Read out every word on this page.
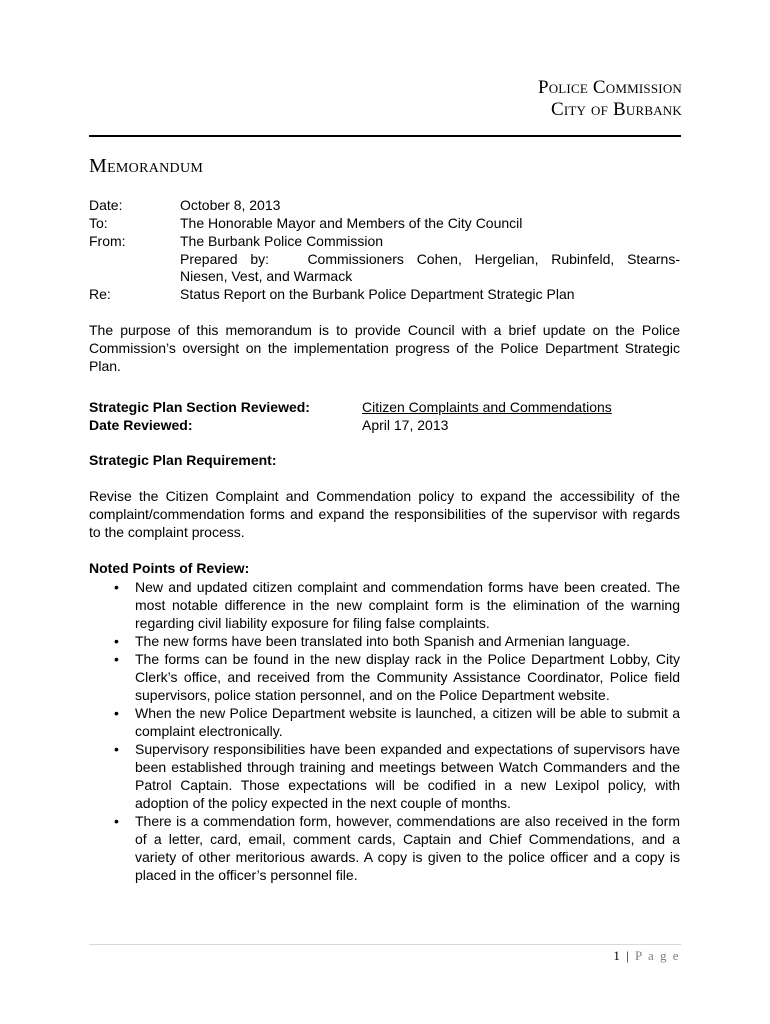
Police Commission
City of Burbank
Memorandum
Date:	October 8, 2013
To:	The Honorable Mayor and Members of the City Council
From:	The Burbank Police Commission
Prepared by:   Commissioners Cohen, Hergelian, Rubinfeld, Stearns-
Niesen, Vest, and Warmack
Re:	Status Report on the Burbank Police Department Strategic Plan
The purpose of this memorandum is to provide Council with a brief update on the Police Commission’s oversight on the implementation progress of the Police Department Strategic Plan.
Strategic Plan Section Reviewed:	Citizen Complaints and Commendations
Date Reviewed:	April 17, 2013
Strategic Plan Requirement:
Revise the Citizen Complaint and Commendation policy to expand the accessibility of the complaint/commendation forms and expand the responsibilities of the supervisor with regards to the complaint process.
Noted Points of Review:
• New and updated citizen complaint and commendation forms have been created. The most notable difference in the new complaint form is the elimination of the warning regarding civil liability exposure for filing false complaints.
• The new forms have been translated into both Spanish and Armenian language.
• The forms can be found in the new display rack in the Police Department Lobby, City Clerk’s office, and received from the Community Assistance Coordinator, Police field supervisors, police station personnel, and on the Police Department website.
• When the new Police Department website is launched, a citizen will be able to submit a complaint electronically.
• Supervisory responsibilities have been expanded and expectations of supervisors have been established through training and meetings between Watch Commanders and the Patrol Captain. Those expectations will be codified in a new Lexipol policy, with adoption of the policy expected in the next couple of months.
• There is a commendation form, however, commendations are also received in the form of a letter, card, email, comment cards, Captain and Chief Commendations, and a variety of other meritorious awards. A copy is given to the police officer and a copy is placed in the officer’s personnel file.
1 | P a g e
